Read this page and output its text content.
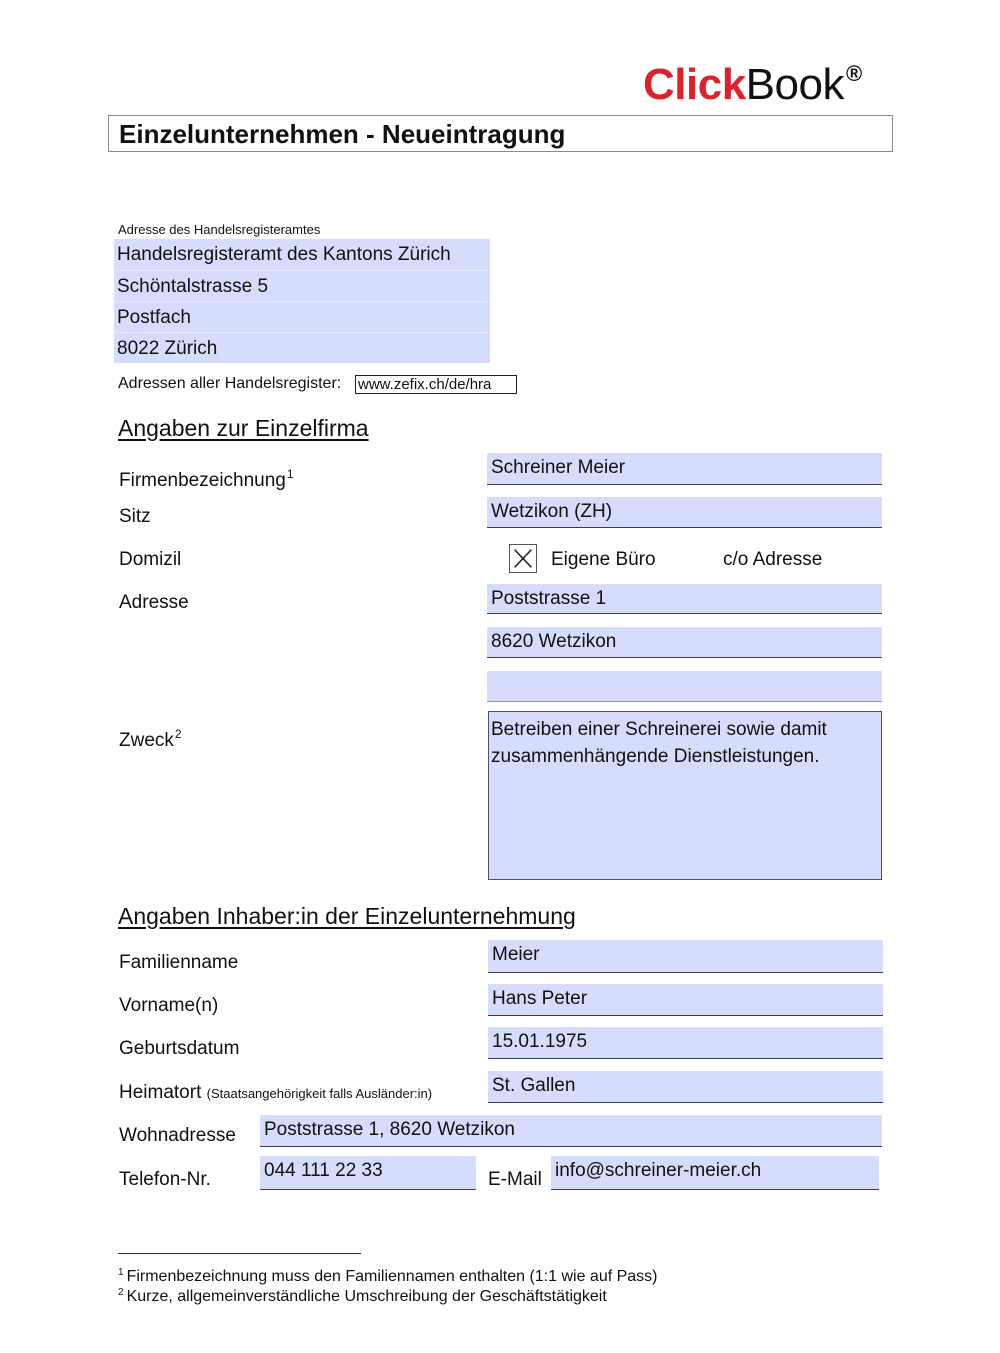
ClickBook®
Einzelunternehmen - Neueintragung
Adresse des Handelsregisteramtes
Handelsregisteramt des Kantons Zürich
Schöntalstrasse 5
Postfach
8022 Zürich
Adressen aller Handelsregister: www.zefix.ch/de/hra
Angaben zur Einzelfirma
Firmenbezeichnung$^1$	Schreiner Meier
Sitz	Wetzikon (ZH)
Domizil	Eigene Büro	c/o Adresse
Adresse	Poststrasse 1
8620 Wetzikon
Zweck$^2$	Betreiben einer Schreinerei sowie damit zusammenhängende Dienstleistungen.
Angaben Inhaber:in der Einzelunternehmung
Familienname	Meier
Vorname(n)	Hans Peter
Geburtsdatum	15.01.1975
Heimatort (Staatsangehörigkeit falls Ausländer:in)	St. Gallen
Wohnadresse Poststrasse 1, 8620 Wetzikon
Telefon-Nr.	044 111 22 33	E-Mail info@schreiner-meier.ch
$^1$ Firmenbezeichnung muss den Familiennamen enthalten (1:1 wie auf Pass)
$^2$ Kurze, allgemeinverständliche Umschreibung der Geschäftstätigkeit
